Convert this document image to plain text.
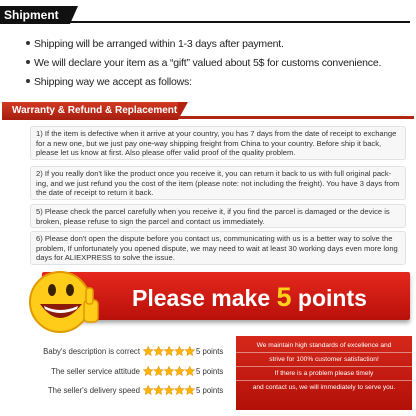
Shipment
Shipping will be arranged within 1-3 days after payment.
We will declare your item as a “gift” valued about 5$ for customs convenience.
Shipping way we accept as follows:
Warranty & Refund & Replacement
1) If the item is defective when it arrive at your country, you has 7 days from the date of receipt to exchange
for a new one, but we just pay one-way shipping freight from China to your country. Before ship it back,
please let us know at first. Also please offer valid proof of the quality problem.
2) If you really don't like the product once you receive it, you can return it back to us with full original pack-
ing, and we just refund you the cost of the item (please note: not including the freight). You have 3 days from
the date of receipt to return it back.
5) Please check the parcel carefully when you receive it, if you find the parcel is damaged or the device is
broken, please refuse to sign the parcel and contact us immediately.
6) Please don't open the dispute before you contact us, communicating with us is a better way to solve the
problem, If unfortunately you opened dispute, we may need to wait at least 30 working days even more long
days for ALIEXPRESS to solve the issue.
Please make 5 points
Baby's description is correct	5 points
The seller service attitude	5 points
The seller's delivery speed	5 points
We maintain high standards of excellence and
strive for 100% customer satisfaction!
If there is a problem please timely
and contact us, we will immediately to serve you.
